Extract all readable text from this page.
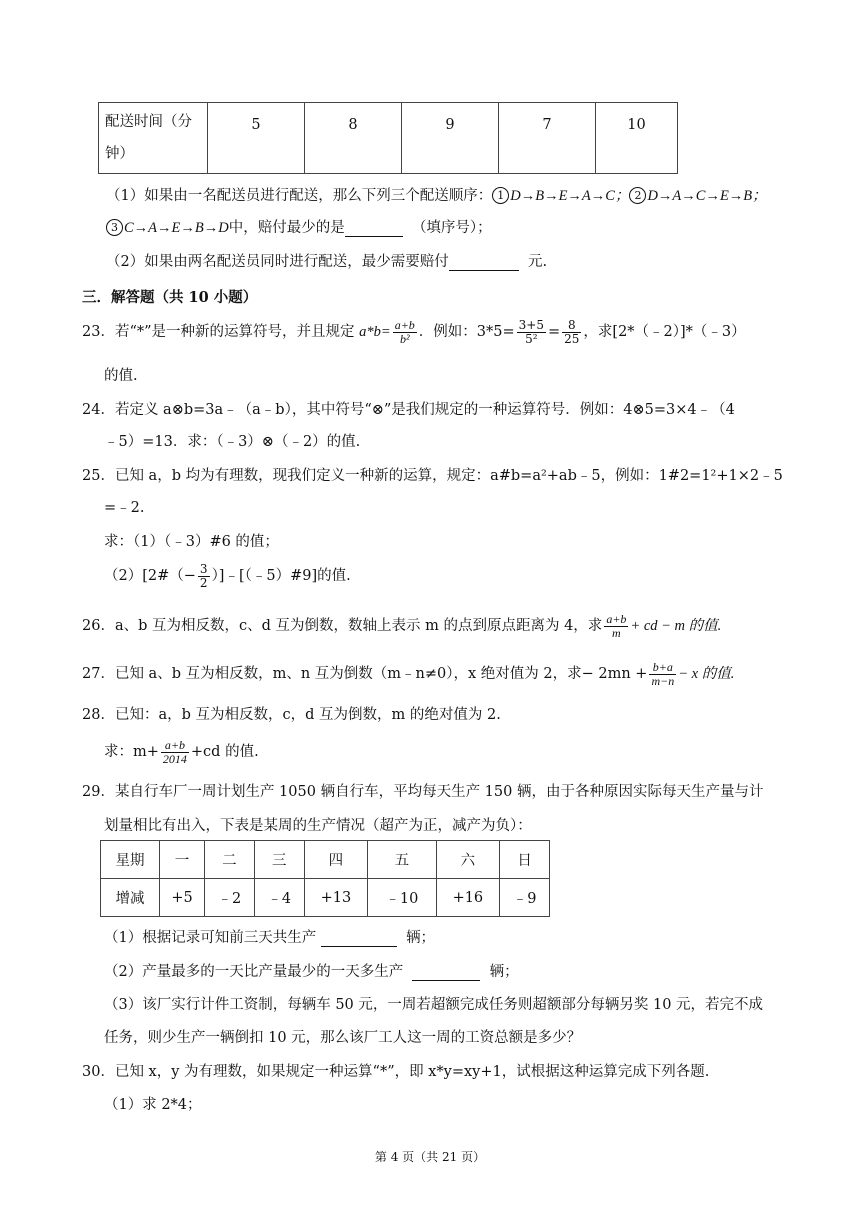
配送时间（分钟）	5	8	9	7	10
（1）如果由一名配送员进行配送，那么下列三个配送顺序： 1 D→B→E→A→C； 2 D→A→C→E→B；
3 C→A→E→B→D中，赔付最少的是	（填序号）；
（2）如果由两名配送员同时进行配送，最少需要赔付	元.
三．解答题（共 10 小题）
23．若“*”是一种新的运算符号，并且规定 $a*b= \frac{a+b}{\text{b²}}$ ．例如：$3*5= \frac{3+5}{\text{5²}} = \frac{8}{25}$ ，求[2*（﹣2）]*（﹣3）
的值.
24．若定义 a⊗b=3a﹣（a﹣b），其中符号“⊗”是我们规定的一种运算符号．例如：4⊗5=3×4﹣（4
﹣5）=13．求：（﹣3）⊗（﹣2）的值.
25．已知 a，b 均为有理数，现我们定义一种新的运算，规定：a#b=a²+ab﹣5，例如：1#2=1²+1×2﹣5
=﹣2.
求：（1）（﹣3）#6 的值；
（2）[2#（− $\frac{3}{2}$ ）]﹣[（﹣5）#9]的值.
26．a、b 互为相反数，c、d 互为倒数，数轴上表示 m 的点到原点距离为 4，求 $\frac{a+b}{m}$ + cd − m 的值.
27．已知 a、b 互为相反数，m、n 互为倒数（m﹣n≠0），x 绝对值为 2，求− $2mn + \frac{b+a}{m-n} - x$ 的值.
28．已知：a，b 互为相反数，c，d 互为倒数，m 的绝对值为 2.
求：$m+ \frac{a+b}{2014} +cd$ 的值.
29．某自行车厂一周计划生产 1050 辆自行车，平均每天生产 150 辆，由于各种原因实际每天生产量与计
划量相比有出入，下表是某周的生产情况（超产为正，减产为负）：
星期	一	二	三	四	五	六	日
增减	+5	﹣2	﹣4	+13	﹣10	+16	﹣9
（1）根据记录可知前三天共生产	辆；
（2）产量最多的一天比产量最少的一天多生产	辆；
（3）该厂实行计件工资制，每辆车 50 元，一周若超额完成任务则超额部分每辆另奖 10 元，若完不成
任务，则少生产一辆倒扣 10 元，那么该厂工人这一周的工资总额是多少？
30．已知 x，y 为有理数，如果规定一种运算“*”，即 x*y=xy+1，试根据这种运算完成下列各题.
（1）求 2*4；
第 4 页（共 21 页）
